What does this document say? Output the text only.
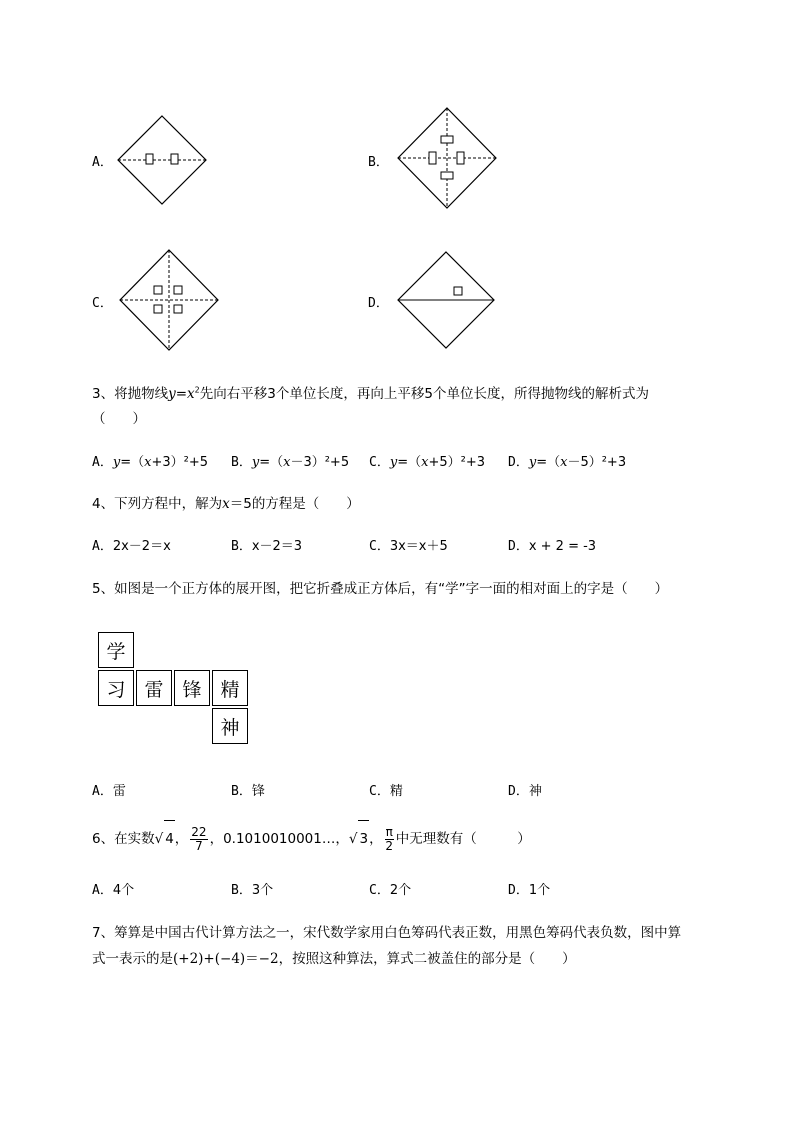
A．	B．
C．	D．
3、将抛物线$y=x^2$先向右平移3个单位长度，再向上平移5个单位长度，所得抛物线的解析式为
（　　）
A．y=（x+3）²+5 B．y=（x－3）²+5 C．y=（x+5）²+3 D．y=（x－5）²+3
4、下列方程中，解为x＝5的方程是（　　）
A．2x－2＝x	B．x－2＝3	C．3x＝x＋5	D．x + 2 = -3
5、如图是一个正方体的展开图，把它折叠成正方体后，有“学”字一面的相对面上的字是（　　）
学
习 雷 锋 精
神
A．雷	B．锋	C．精	D．神
6、在实数√ 4， $\frac{22}{7}$ ，0.1010010001…，√ 3， $\frac{\pi}{2}$ 中无理数有（　　　）
A．4个	B．3个	C．2个	D．1个
7、筹算是中国古代计算方法之一，宋代数学家用白色筹码代表正数，用黑色筹码代表负数，图中算
式一表示的是(+2)+(−4)＝−2，按照这种算法，算式二被盖住的部分是（　　）
